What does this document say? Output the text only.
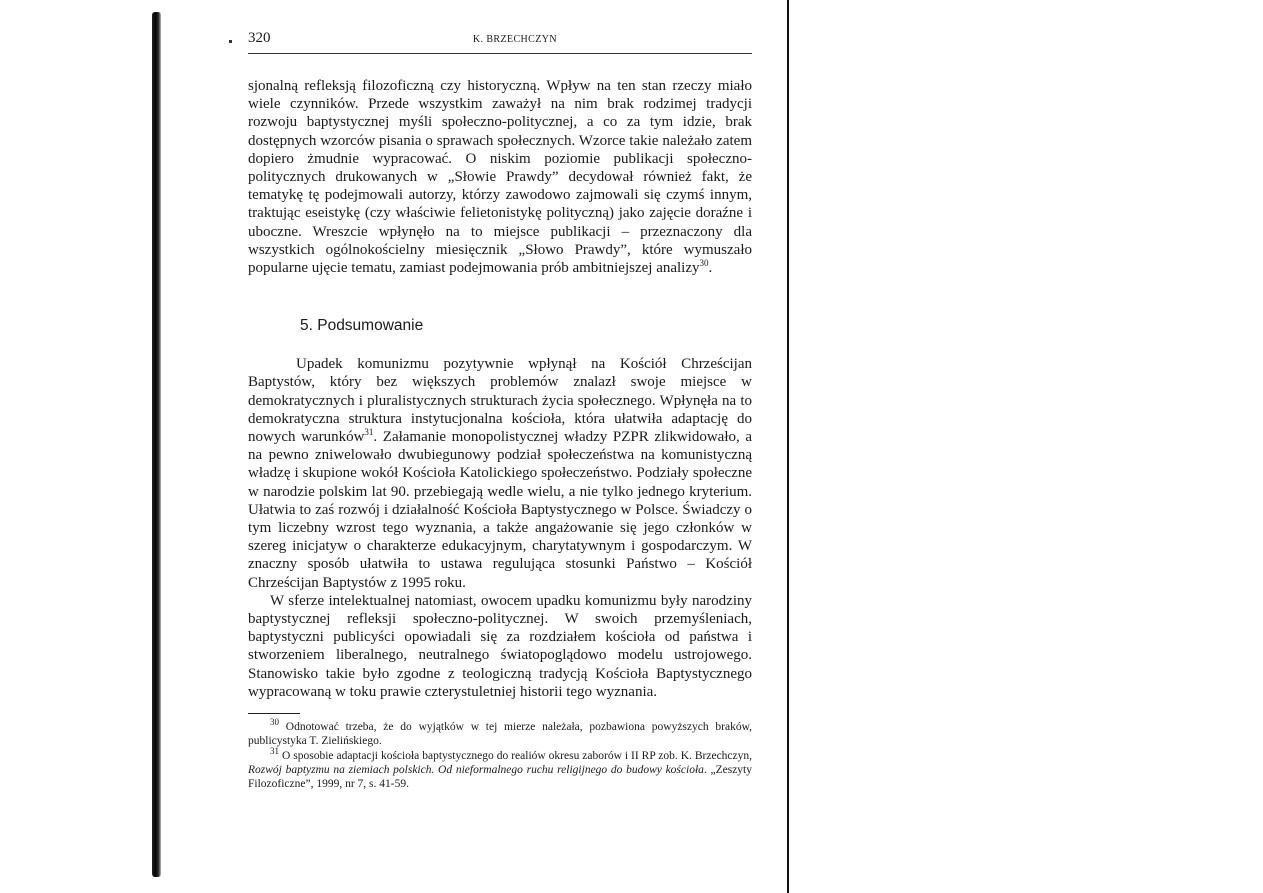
320	K. BRZECHCZYN

sjonalną refleksją filozoficzną czy historyczną. Wpływ na ten stan rzeczy miało wiele czynników. Przede wszystkim zaważył na nim brak rodzimej tradycji rozwoju baptystycznej myśli społeczno-politycznej, a co za tym idzie, brak dostępnych wzorców pisania o sprawach społecznych. Wzorce takie należało zatem dopiero żmudnie wypracować. O niskim poziomie publikacji społeczno-politycznych drukowanych w „Słowie Prawdy” decydował również fakt, że tematykę tę podejmowali autorzy, którzy zawodowo zajmowali się czymś innym, traktując eseistykę (czy właściwie felietonistykę polityczną) jako zajęcie doraźne i uboczne. Wreszcie wpłynęło na to miejsce publikacji – przeznaczony dla wszystkich ogólnokościelny miesięcznik „Słowo Prawdy”, które wymuszało popularne ujęcie tematu, zamiast podejmowania prób ambitniejszej analizy$^{30}$.

5. Podsumowanie

Upadek komunizmu pozytywnie wpłynął na Kościół Chrześcijan Baptystów, który bez większych problemów znalazł swoje miejsce w demokratycznych i pluralistycznych strukturach życia społecznego. Wpłynęła na to demokratyczna struktura instytucjonalna kościoła, która ułatwiła adaptację do nowych warunków$^{31}$. Załamanie monopolistycznej władzy PZPR zlikwidowało, a na pewno zniwelowało dwubiegunowy podział społeczeństwa na komunistyczną władzę i skupione wokół Kościoła Katolickiego społeczeństwo. Podziały społeczne w narodzie polskim lat 90. przebiegają wedle wielu, a nie tylko jednego kryterium. Ułatwia to zaś rozwój i działalność Kościoła Baptystycznego w Polsce. Świadczy o tym liczebny wzrost tego wyznania, a także angażowanie się jego członków w szereg inicjatyw o charakterze edukacyjnym, charytatywnym i gospodarczym. W znaczny sposób ułatwiła to ustawa regulująca stosunki Państwo – Kościół Chrześcijan Baptystów z 1995 roku.

W sferze intelektualnej natomiast, owocem upadku komunizmu były narodziny baptystycznej refleksji społeczno-politycznej. W swoich przemyśleniach, baptystyczni publicyści opowiadali się za rozdziałem kościoła od państwa i stworzeniem liberalnego, neutralnego światopoglądowo modelu ustrojowego. Stanowisko takie było zgodne z teologiczną tradycją Kościoła Baptystycznego wypracowaną w toku prawie czterystuletniej historii tego wyznania.

$^{30}$ Odnotować trzeba, że do wyjątków w tej mierze należała, pozbawiona powyższych braków, publicystyka T. Zielińskiego.

$^{31}$ O sposobie adaptacji kościoła baptystycznego do realiów okresu zaborów i II RP zob. K. Brzechczyn, Rozwój baptyzmu na ziemiach polskich. Od nieformalnego ruchu religijnego do budowy kościoła. „Zeszyty Filozoficzne”, 1999, nr 7, s. 41-59.
